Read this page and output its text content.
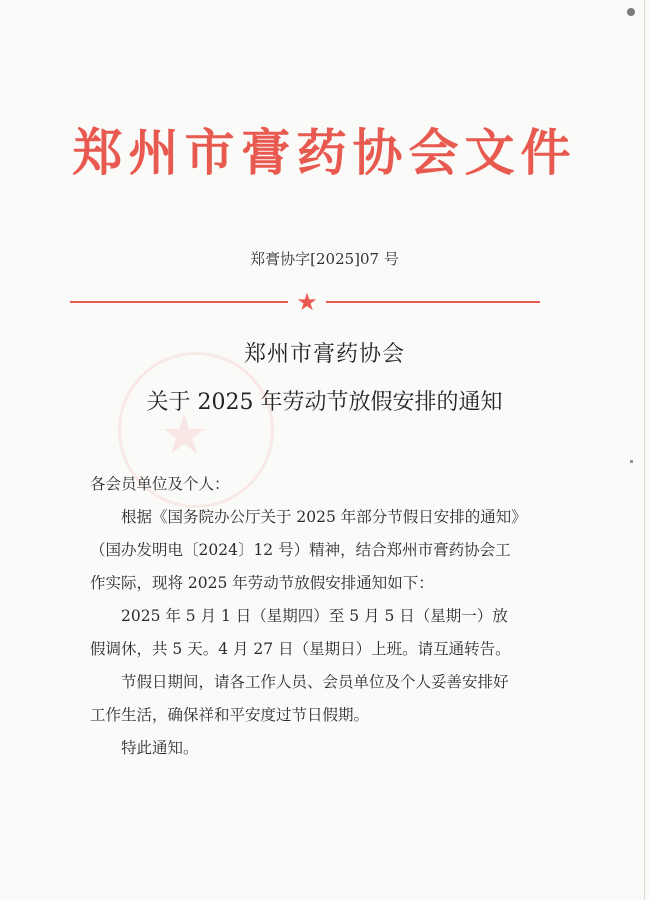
郑州市膏药协会文件
郑膏协字[2025]07 号
★
★
郑州市膏药协会
关于 2025 年劳动节放假安排的通知

各会员单位及个人：

根据《国务院办公厅关于 2025 年部分节假日安排的通知》（国办发明电〔2024〕12 号）精神，结合郑州市膏药协会工作实际，现将 2025 年劳动节放假安排通知如下：

2025 年 5 月 1 日（星期四）至 5 月 5 日（星期一）放假调休，共 5 天。4 月 27 日（星期日）上班。请互通转告。

节假日期间，请各工作人员、会员单位及个人妥善安排好工作生活，确保祥和平安度过节日假期。

特此通知。
